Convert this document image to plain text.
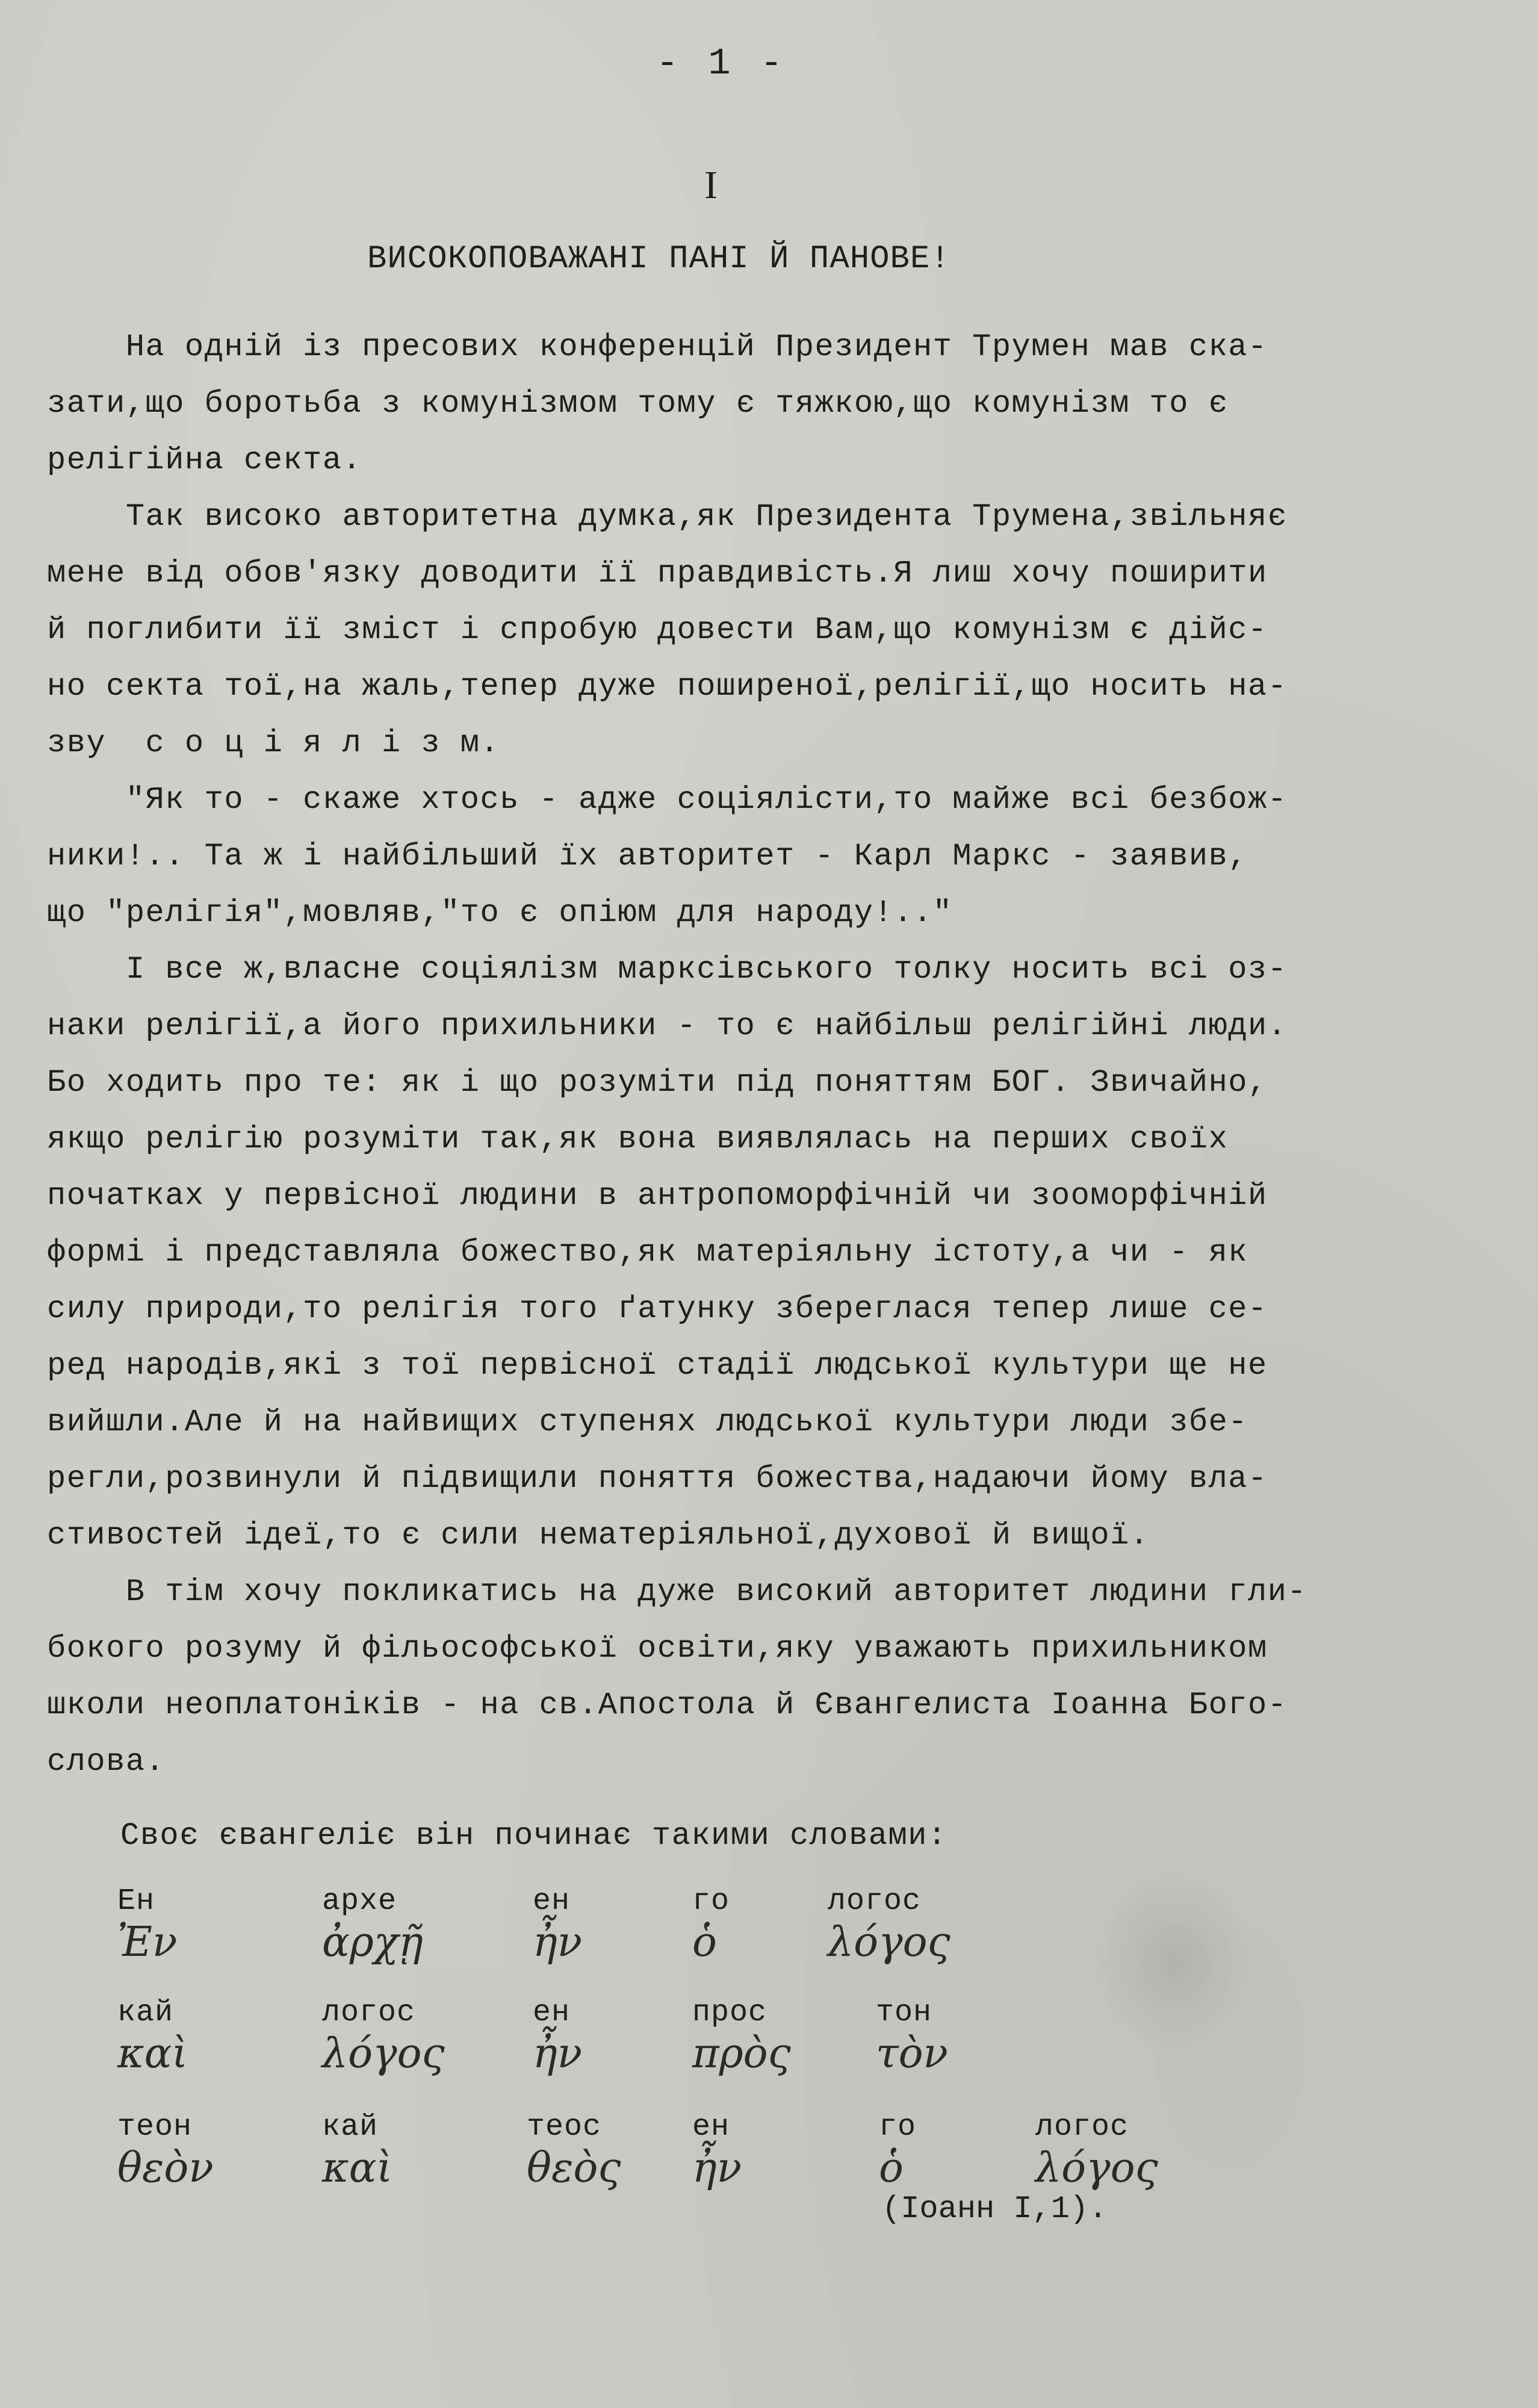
- 1 -
I
ВИСОКОПОВАЖАНІ ПАНІ Й ПАНОВЕ!
На одній із пресових конференцій Президент Трумен мав ска-
зати,що боротьба з комунізмом тому є тяжкою,що комунізм то є
релігійна секта.
Так високо авторитетна думка,як Президента Трумена,звільняє
мене від обов'язку доводити її правдивість.Я лиш хочу поширити
й поглибити її зміст і спробую довести Вам,що комунізм є дійс-
но секта тої,на жаль,тепер дуже поширеної,релігії,що носить на-
зву  с о ц і я л і з м.
"Як то - скаже хтось - адже соціялісти,то майже всі безбож-
ники!.. Та ж і найбільший їх авторитет - Карл Маркс - заявив,
що "релігія",мовляв,"то є опіюм для народу!.."
І все ж,власне соціялізм марксівського толку носить всі оз-
наки релігії,а його прихильники - то є найбільш релігійні люди.
Бо ходить про те: як і що розуміти під поняттям БОГ. Звичайно,
якщо релігію розуміти так,як вона виявлялась на перших своїх
початках у первісної людини в антропоморфічній чи зооморфічній
формі і представляла божество,як матеріяльну істоту,а чи - як
силу природи,то релігія того ґатунку збереглася тепер лише се-
ред народів,які з тої первісної стадії людської культури ще не
вийшли.Але й на найвищих ступенях людської культури люди збе-
регли,розвинули й підвищили поняття божества,надаючи йому вла-
стивостей ідеї,то є сили нематеріяльної,духової й вищої.
В тім хочу покликатись на дуже високий авторитет людини гли-
бокого розуму й фільософської освіти,яку уважають прихильником
школи неоплатоніків - на св.Апостола й Євангелиста Іоанна Бого-
слова.
Своє євангеліє він починає такими словами:
Ен
Ἐν
архе
ἀρχῇ
ен
ἦν
го
ὁ
логос
λόγος
кай
καὶ
логос
λόγος
ен
ἦν
прос
πρὸς
тон
τὸν
теон
θεὸν
кай
καὶ
теос
θεὸς
ен
ἦν
го
ὁ
логос
λόγος
(Іоанн І,1).
